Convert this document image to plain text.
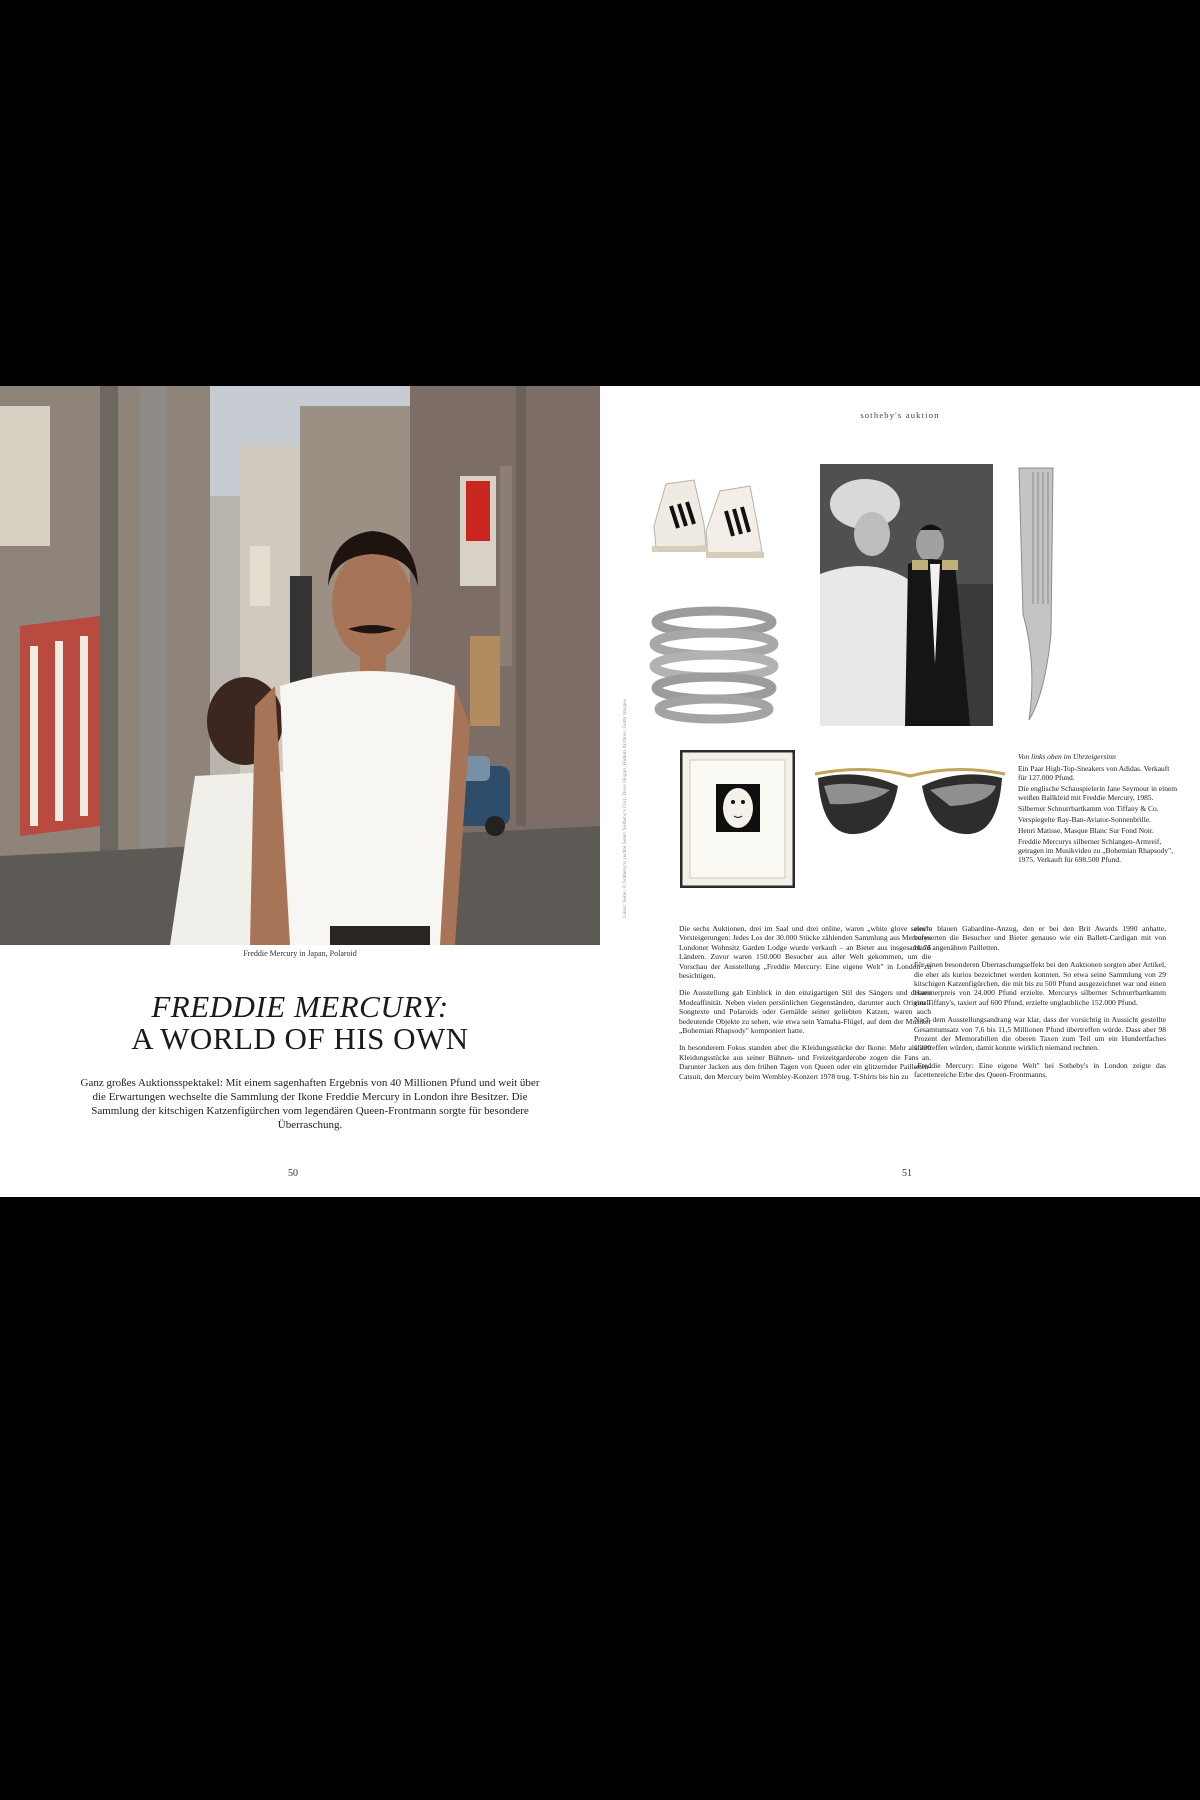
Freddie Mercury in Japan, Polaroid
FREDDIE MERCURY:
A WORLD OF HIS OWN

Ganz großes Auktionsspektakel: Mit einem sagenhaften Ergebnis von 40 Millionen Pfund und weit über die Erwartungen wechselte die Sammlung der Ikone Freddie Mercury in London ihre Besitzer. Die Sammlung der kitschigen Katzenfigürchen vom legendären Queen-Frontmann sorgte für besondere Überraschung.

50
Links: Seite: © Sotheby's; rechte Seite: Sotheby's (5x); Dave Hogan, Hulton Archive, Getty Images
sotheby's auktion

Von links oben im Uhrzeigersinn

Ein Paar High-Top-Sneakers von Adidas. Verkauft für 127.000 Pfund.

Die englische Schauspielerin Jane Seymour in einem weißen Ballkleid mit Freddie Mercury, 1985.

Silberner Schnurrbartkamm von Tiffany & Co.

Verspiegelte Ray-Ban-Aviator-Sonnenbrille.

Henri Matisse, Masque Blanc Sur Fond Noir.

Freddie Mercurys silberner Schlangen-Armreif, getragen im Musikvideo zu „Bohemian Rhapsody", 1975. Verkauft für 698.500 Pfund.

Die sechs Auktionen, drei im Saal und drei online, waren „white glove sales"-Versteigerungen: Jedes Los der 30.000 Stücke zählenden Sammlung aus Mercurys Londoner Wohnsitz Garden Lodge wurde verkauft – an Bieter aus insgesamt 76 Ländern. Zuvor waren 150.000 Besucher aus aller Welt gekommen, um die Vorschau der Ausstellung „Freddie Mercury: Eine eigene Welt" in London zu besichtigen.

Die Ausstellung gab Einblick in den einzigartigen Stil des Sängers und dessen Modeaffinität. Neben vielen persönlichen Gegenständen, darunter auch Original-Songtexte und Polaroids oder Gemälde seiner geliebten Katzen, waren auch bedeutende Objekte zu sehen, wie etwa sein Yamaha-Flügel, auf dem der Musiker „Bohemian Rhapsody" komponiert hatte.

In besonderem Fokus standen aber die Kleidungsstücke der Ikone: Mehr als 200 Kleidungsstücke aus seiner Bühnen- und Freizeitgarderobe zogen die Fans an. Darunter Jacken aus den frühen Tagen von Queen oder ein glitzernder Pailletten-Catsuit, den Mercury beim Wembley-Konzert 1978 trug. T-Shirts bis hin zu

einem blauen Gabardine-Anzug, den er bei den Brit Awards 1990 anhatte, befeuerten die Besucher und Bieter genauso wie ein Ballett-Cardigan mit von Hand angenähten Pailletten.

Für einen besonderen Überraschungseffekt bei den Auktionen sorgten aber Artikel, die eher als kurios bezeichnet werden konnten. So etwa seine Sammlung von 29 kitschigen Katzenfigürchen, die mit bis zu 500 Pfund ausgezeichnet war und einen Hammerpreis von 24.000 Pfund erzielte. Mercurys silberner Schnurrbartkamm von Tiffany's, taxiert auf 600 Pfund, erzielte unglaubliche 152.000 Pfund.

Nach dem Ausstellungsandrang war klar, dass der vorsichtig in Aussicht gestellte Gesamtumsatz von 7,6 bis 11,5 Millionen Pfund übertreffen würde. Dass aber 98 Prozent der Memorabilien die oberen Taxen zum Teil um ein Hundertfaches übertreffen würden, damit konnte wirklich niemand rechnen.

„Freddie Mercury: Eine eigene Welt" bei Sotheby's in London zeigte das facettenreiche Erbe des Queen-Frontmanns.

51
